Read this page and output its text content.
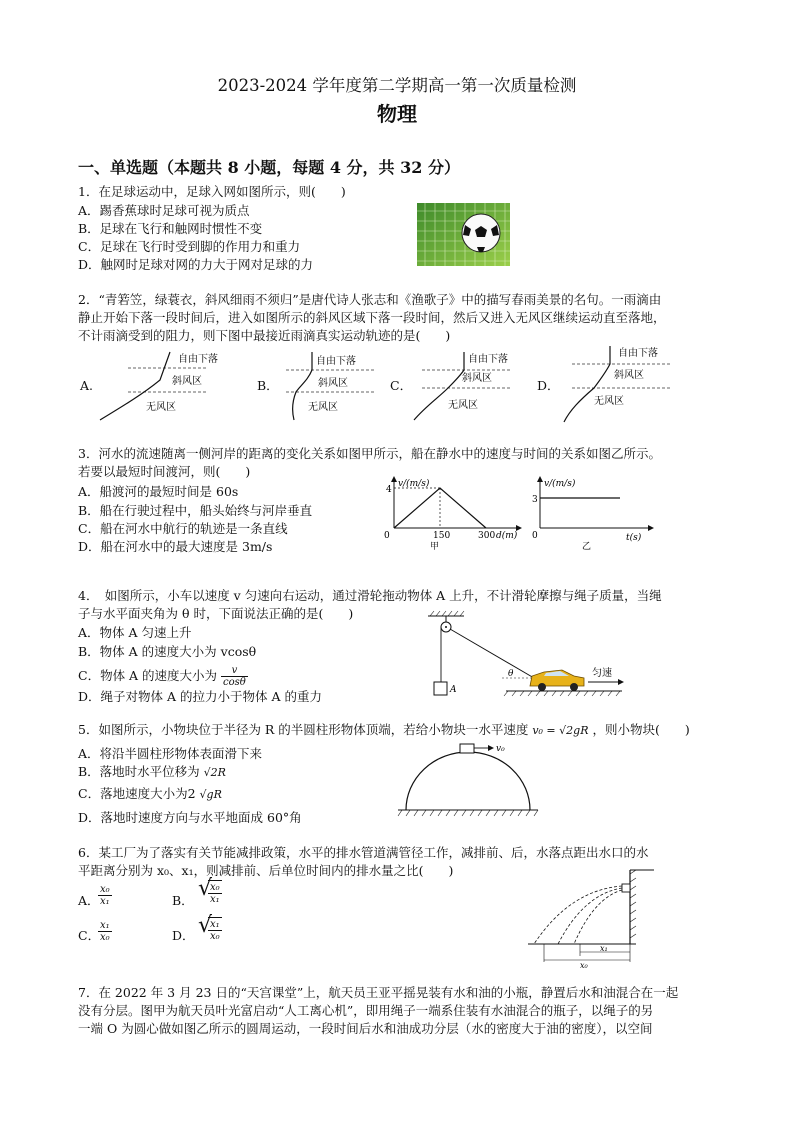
2023-2024 学年度第二学期高一第一次质量检测
物理
一、单选题（本题共 8 小题，每题 4 分，共 32 分）
1．在足球运动中，足球入网如图所示，则(　　)
A．踢香蕉球时足球可视为质点
B．足球在飞行和触网时惯性不变
C．足球在飞行时受到脚的作用力和重力
D．触网时足球对网的力大于网对足球的力
2．“青箬笠，绿蓑衣，斜风细雨不须归”是唐代诗人张志和《渔歌子》中的描写春雨美景的名句。一雨滴由
静止开始下落一段时间后，进入如图所示的斜风区域下落一段时间，然后又进入无风区继续运动直至落地，
不计雨滴受到的阻力，则下图中最接近雨滴真实运动轨迹的是(　　)
A.	B．	C．	D．
自由下落
斜风区
无风区
自由下落
斜风区
无风区
自由下落
斜风区
无风区
自由下落
斜风区
无风区
3．河水的流速随离一侧河岸的距离的变化关系如图甲所示，船在静水中的速度与时间的关系如图乙所示。
若要以最短时间渡河，则(　　)
A．船渡河的最短时间是 60s
B．船在行驶过程中，船头始终与河岸垂直
C．船在河水中航行的轨迹是一条直线
D．船在河水中的最大速度是 3m/s
v/(m/s)
4
0	150	300 d(m)
甲
v/(m/s)
3
0	t(s)
乙
4．　如图所示，小车以速度 v 匀速向右运动，通过滑轮拖动物体 A 上升，不计滑轮摩擦与绳子质量，当绳
子与水平面夹角为 θ 时，下面说法正确的是(　　)
A．物体 A 匀速上升
B．物体 A 的速度大小为 vcosθ
C．物体 A 的速度大小为 $\frac{v}{\cos\theta}$
D．绳子对物体 A 的拉力小于物体 A 的重力	A
θ	匀速
5．如图所示，小物块位于半径为 R 的半圆柱形物体顶端，若给小物块一水平速度 v₀ = √2gR ，则小物块(　　)
A．将沿半圆柱形物体表面滑下来
B．落地时水平位移为 √2R
C．落地速度大小为2 √gR
D．落地时速度方向与水平地面成 60°角
v₀
6．某工厂为了落实有关节能减排政策，水平的排水管道满管径工作，减排前、后，水落点距出水口的水
平距离分别为 x₀、x₁，则减排前、后单位时间内的排水量之比(　　)
A．
$\frac{\text{x₀}}{\text{x₁}}$	B． √ $\frac{\text{x₀}}{\text{x₁}}$
C．
$\frac{\text{x₁}}{\text{x₀}}$	D． √ $\frac{\text{x₁}}{\text{x₀}}$
x₁
x₀
7．在 2022 年 3 月 23 日的“天宫课堂”上，航天员王亚平摇晃装有水和油的小瓶，静置后水和油混合在一起
没有分层。图甲为航天员叶光富启动“人工离心机”，即用绳子一端系住装有水油混合的瓶子，以绳子的另
一端 O 为圆心做如图乙所示的圆周运动，一段时间后水和油成功分层（水的密度大于油的密度），以空间
